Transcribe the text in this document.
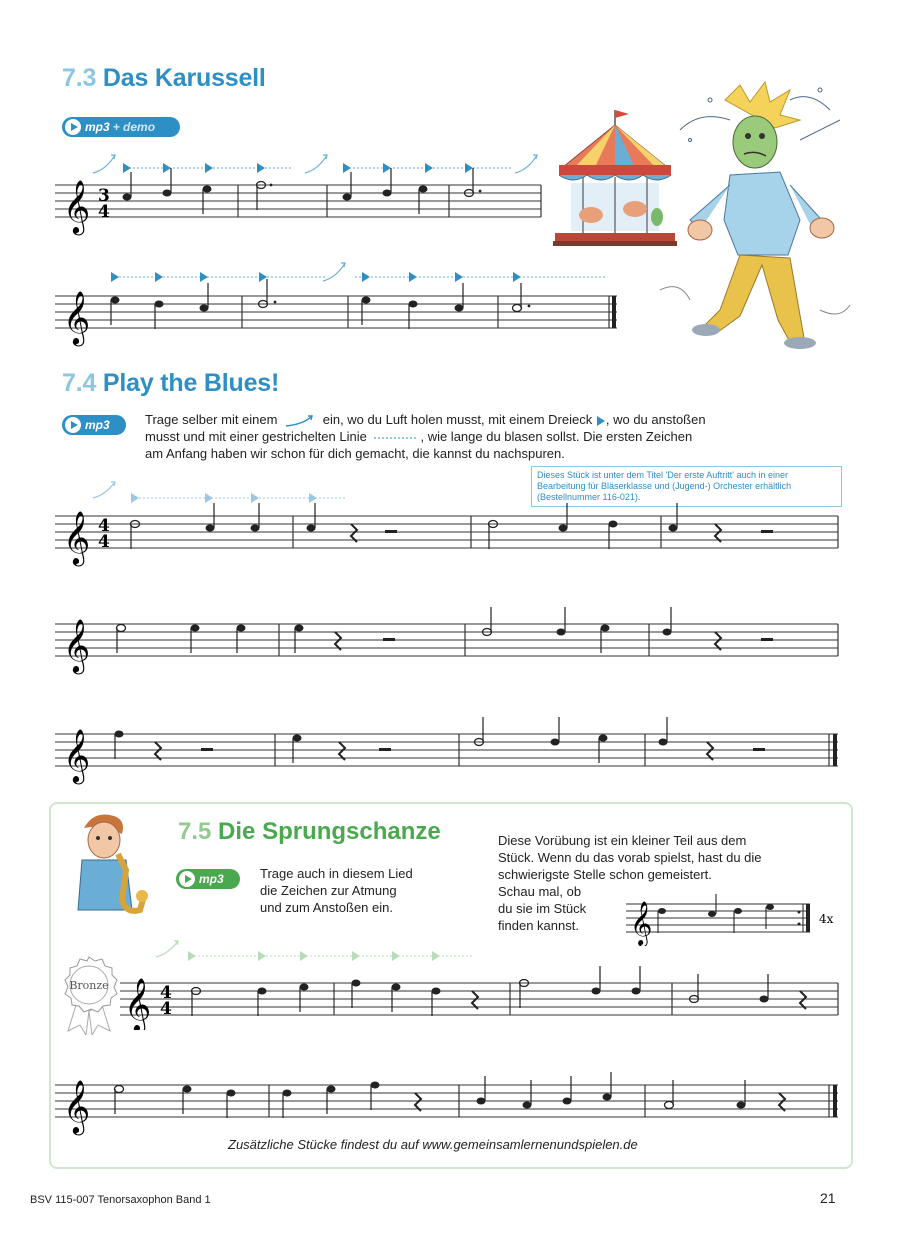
7.3 Das Karussell
mp3 + demo
𝄞 3
4
𝄞
7.4 Play the Blues!
mp3	Trage selber mit einem	ein, wo du Luft holen musst, mit einem Dreieck , wo du anstoßen
musst und mit einer gestrichelten Linie	, wie lange du blasen sollst. Die ersten Zeichen
am Anfang haben wir schon für dich gemacht, die kannst du nachspuren.
Dieses Stück ist unter dem Titel 'Der erste Auftritt' auch in einer Bearbeitung für Bläserklasse und (Jugend-) Orchester erhältlich (Bestellnummer 116-021).
𝄞 4
4
𝄞
𝄞
7.5 Die Sprungschanze
mp3	Trage auch in diesem Lied
die Zeichen zur Atmung
und zum Anstoßen ein.
Diese Vorübung ist ein kleiner Teil aus dem
Stück. Wenn du das vorab spielst, hast du die
schwierigste Stelle schon gemeistert.
Schau mal, ob
du sie im Stück
finden kannst.	𝄞	4x
Bronze 𝄞 4
4
𝄞
Zusätzliche Stücke findest du auf www.gemeinsamlernenundspielen.de
BSV 115-007 Tenorsaxophon Band 1	21
